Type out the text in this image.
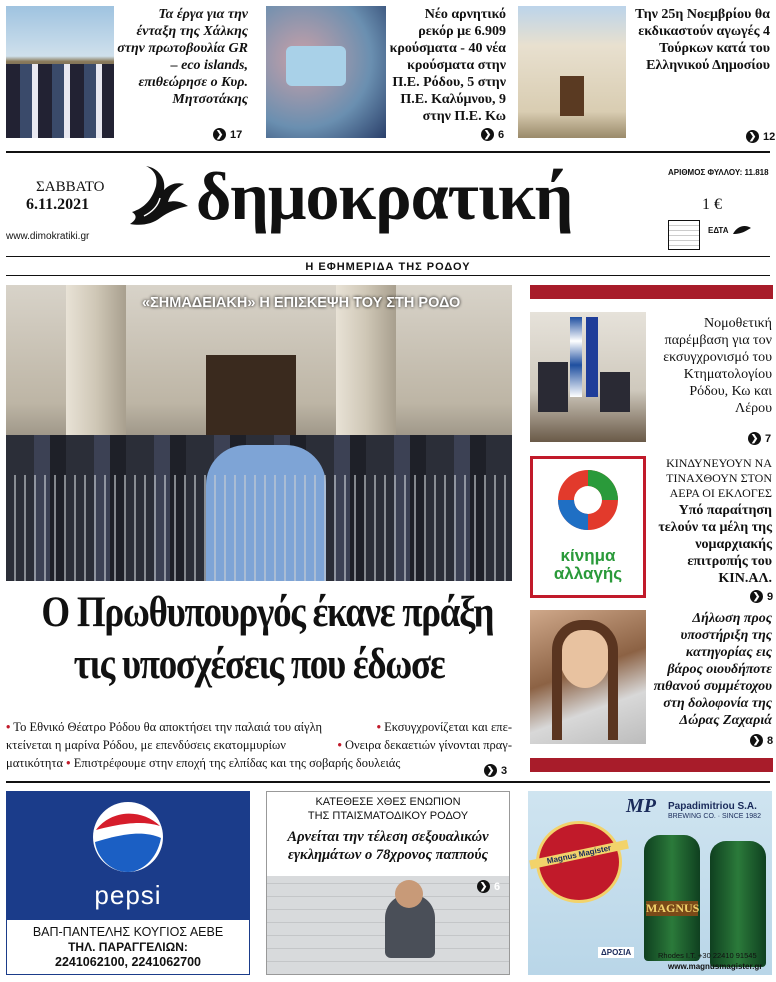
Τα έργα για την ένταξη της Χάλκης στην πρωτοβουλία GR – eco islands, επιθεώρησε ο Κυρ. Μητσοτάκης
❯ 17
Νέο αρνητικό ρεκόρ με 6.909 κρούσματα - 40 νέα κρούσματα στην Π.Ε. Ρόδου, 5 στην Π.Ε. Καλύμνου, 9 στην Π.Ε. Κω
❯ 6
Την 25η Νοεμβρίου θα εκδικαστούν αγωγές 4 Τούρκων κατά του Ελληνικού Δημοσίου
❯ 12
ΣΑΒΒΑΤΟ
6.11.2021
www.dimokratiki.gr
δημοκρατική	ΑΡΙΘΜΟΣ ΦΥΛΛΟΥ: 11.818
1 €
ΕΔΤΑ
Η ΕΦΗΜΕΡΙΔΑ ΤΗΣ ΡΟΔΟΥ
«ΣΗΜΑΔΕΙΑΚΗ» Η ΕΠΙΣΚΕΨΗ ΤΟΥ ΣΤΗ ΡΟΔΟ
Ο Πρωθυπουργός έκανε πράξη
τις υποσχέσεις που έδωσε
• Το Εθνικό Θέατρο Ρόδου θα αποκτήσει την παλαιά του αίγλη	• Εκσυγχρονίζεται και επε-
κτείνεται η μαρίνα Ρόδου, με επενδύσεις εκατομμυρίων	• Ονειρα δεκαετιών γίνονται πραγ-
ματικότητα • Επιστρέφουμε στην εποχή της ελπίδας και της σοβαρής δουλειάς	❯ 3
Νομοθετική παρέμβαση για τον εκσυγχρονισμό του Κτηματολογίου Ρόδου, Κω και Λέρου
❯ 7
κίνημα
αλλαγής
ΚΙΝΔΥΝΕΥΟΥΝ ΝΑ ΤΙΝΑΧΘΟΥΝ ΣΤΟΝ ΑΕΡΑ ΟΙ ΕΚΛΟΓΕΣ
Υπό παραίτηση τελούν τα μέλη της νομαρχιακής επιτροπής του ΚΙΝ.ΑΛ.
❯ 9
Δήλωση προς υποστήριξη της κατηγορίας εις βάρος οιουδήποτε πιθανού συμμέτοχου στη δολοφονία της Δώρας Ζαχαριά
❯ 8
pepsi
ΒΑΠ-ΠΑΝΤΕΛΗΣ ΚΟΥΓΙΟΣ ΑΕΒΕ
ΤΗΛ. ΠΑΡΑΓΓΕΛΙΩΝ:
2241062100, 2241062700
ΚΑΤΕΘΕΣΕ ΧΘΕΣ ΕΝΩΠΙΟΝ
ΤΗΣ ΠΤΑΙΣΜΑΤΟΔΙΚΟΥ ΡΟΔΟΥ
Αρνείται την τέλεση σεξουαλικών εγκλημάτων ο 78χρονος παππούς
❯ 6
MP Papadimitriou S.A.
BREWING CO. · SINCE 1982
Magnus Magister
MAGNUS
ΔΡΟΣΙΑ	Rhodes I.T. +30 22410 91545
www.magnusmagister.gr
